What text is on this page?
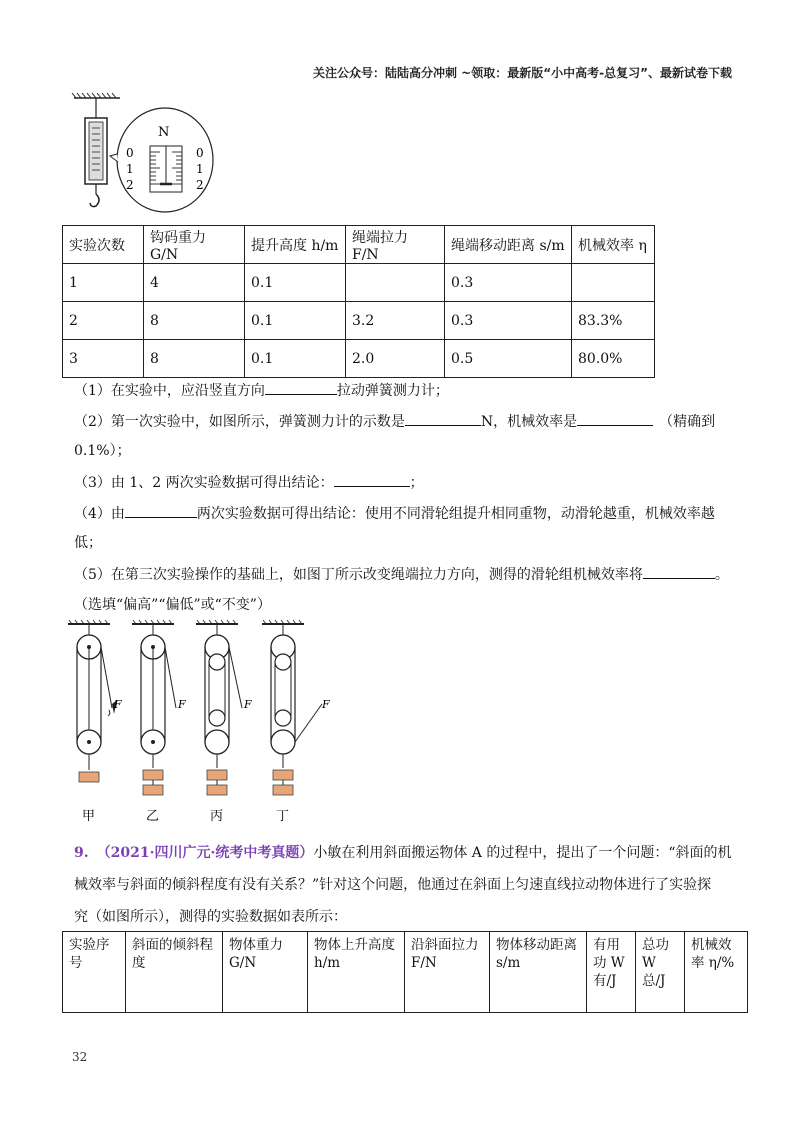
关注公众号：陆陆高分冲刺 ~领取：最新版“小中高考-总复习”、最新试卷下载
N
0
1
2
0
1
2
实验次数	钩码重力 G/N	提升高度 h/m	绳端拉力 F/N	绳端移动距离 s/m	机械效率 η
1	4	0.1		0.3	
2	8	0.1	3.2	0.3	83.3%
3	8	0.1	2.0	0.5	80.0%
（1）在实验中，应沿竖直方向	拉动弹簧测力计；
（2）第一次实验中，如图所示，弹簧测力计的示数是	N，机械效率是	（精确到
0.1%）；
（3）由 1、2 两次实验数据可得出结论：	；
（4）由	两次实验数据可得出结论：使用不同滑轮组提升相同重物，动滑轮越重，机械效率越
低；
（5）在第三次实验操作的基础上，如图丁所示改变绳端拉力方向，测得的滑轮组机械效率将	。
（选填“偏高”“偏低”或“不变”）
F	F	F	F
甲	乙	丙	丁
9. （2021·四川广元·统考中考真题）小敏在利用斜面搬运物体 A 的过程中，提出了一个问题：“斜面的机
械效率与斜面的倾斜程度有没有关系？”针对这个问题，他通过在斜面上匀速直线拉动物体进行了实验探
究（如图所示），测得的实验数据如表所示：
实验序号	斜面的倾斜程度	物体重力 G/N	物体上升高度 h/m	沿斜面拉力 F/N	物体移动距离 s/m	有用功 W有/J	总功 W总/J	机械效率 η/%
32
